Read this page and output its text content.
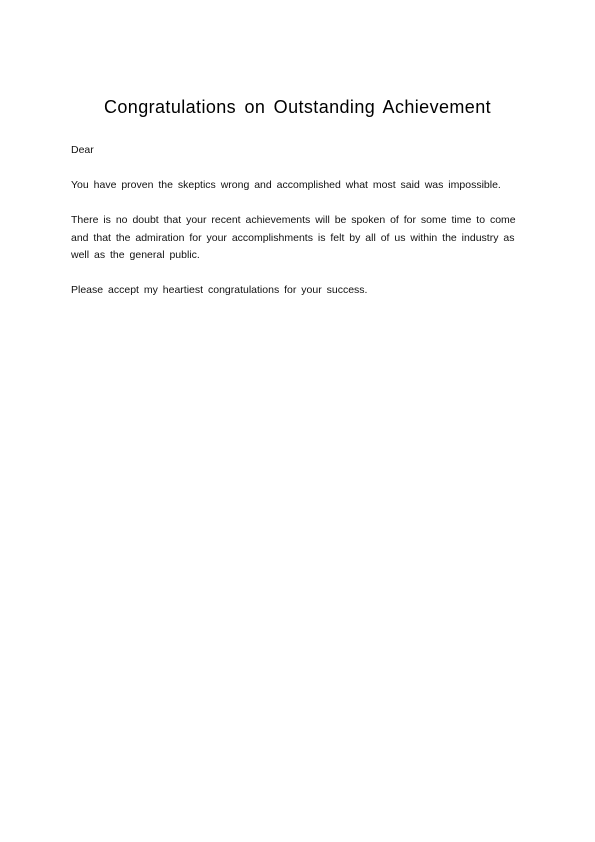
Congratulations on Outstanding Achievement

Dear

You have proven the skeptics wrong and accomplished what most said was impossible.

There is no doubt that your recent achievements will be spoken of for some time to come and that the admiration for your accomplishments is felt by all of us within the industry as well as the general public.

Please accept my heartiest congratulations for your success.
